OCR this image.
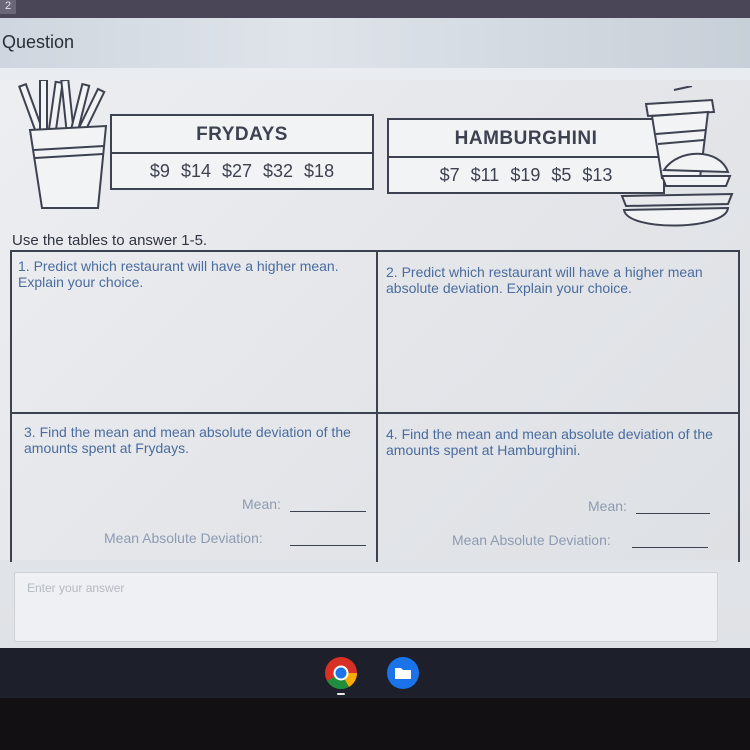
2
Question
FRYDAYS
$9 $14 $27 $32 $18
HAMBURGHINI
$7 $11 $19 $5 $13
Use the tables to answer 1-5.
1. Predict which restaurant will have a higher mean. Explain your choice.
2. Predict which restaurant will have a higher mean absolute deviation. Explain your choice.
3. Find the mean and mean absolute deviation of the amounts spent at Frydays.
4. Find the mean and mean absolute deviation of the amounts spent at Hamburghini.
Mean:
Mean Absolute Deviation:
Mean:
Mean Absolute Deviation:
Enter your answer
